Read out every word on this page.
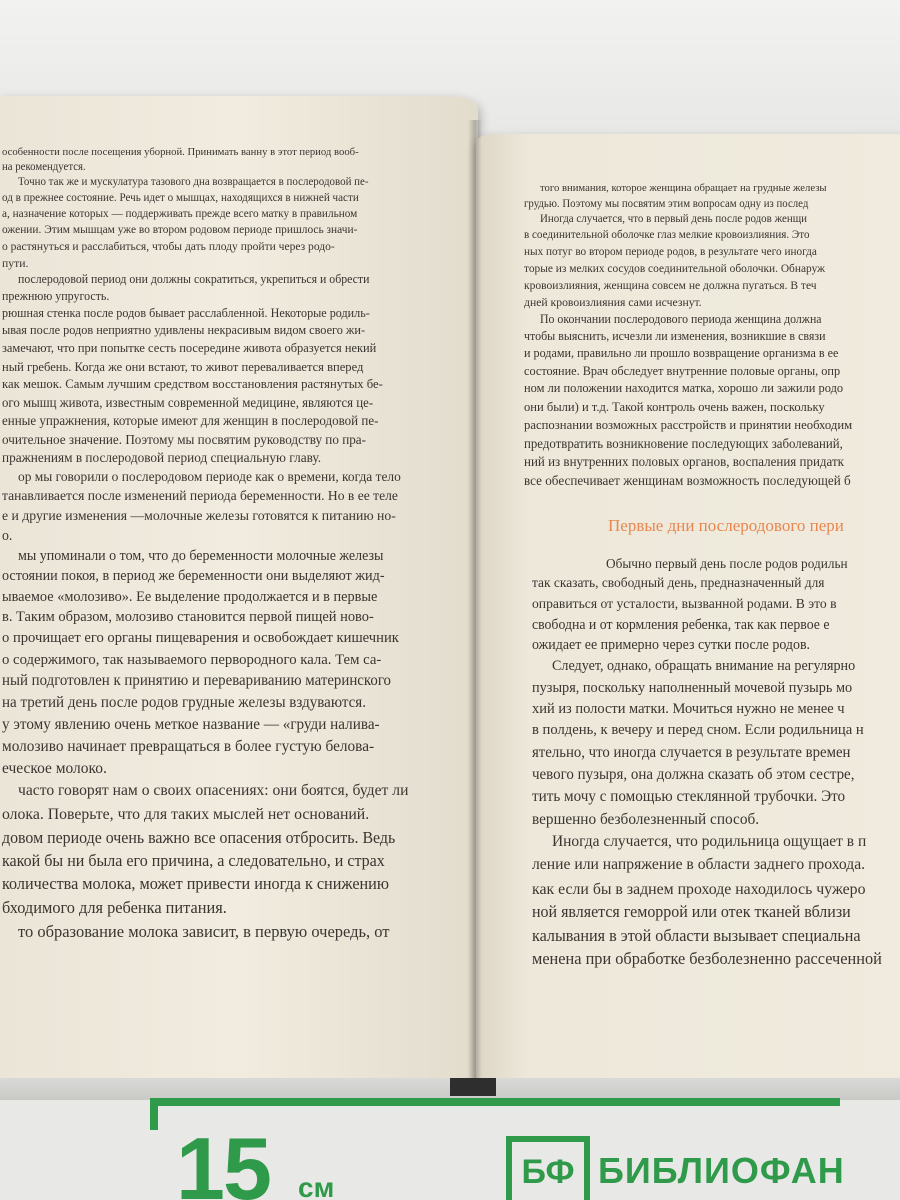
особенности после посещения уборной. Принимать ванну в этот период вооб-
на рекомендуется.
Точно так же и мускулатура тазового дна возвращается в послеродовой пе-
од в прежнее состояние. Речь идет о мышцах, находящихся в нижней части
а, назначение которых — поддерживать прежде всего матку в правильном
ожении. Этим мышцам уже во втором родовом периоде пришлось значи-
о растянуться и расслабиться, чтобы дать плоду пройти через родо-
пути.
послеродовой период они должны сократиться, укрепиться и обрести
прежнюю упругость.
рюшная стенка после родов бывает расслабленной. Некоторые родиль-
ывая после родов неприятно удивлены некрасивым видом своего жи-
замечают, что при попытке сесть посередине живота образуется некий
ный гребень. Когда же они встают, то живот переваливается вперед
как мешок. Самым лучшим средством восстановления растянутых бе-
ого мышц живота, известным современной медицине, являются це-
енные упражнения, которые имеют для женщин в послеродовой пе-
очительное значение. Поэтому мы посвятим руководству по пра-
пражнениям в послеродовой период специальную главу.
ор мы говорили о послеродовом периоде как о времени, когда тело
танавливается после изменений периода беременности. Но в ее теле
е и другие изменения —молочные железы готовятся к питанию но-
о.
мы упоминали о том, что до беременности молочные железы
остоянии покоя, в период же беременности они выделяют жид-
ываемое «молозиво». Ее выделение продолжается и в первые
в. Таким образом, молозиво становится первой пищей ново-
о прочищает его органы пищеварения и освобождает кишечник
о содержимого, так называемого первородного кала. Тем са-
ный подготовлен к принятию и перевариванию материнского
на третий день после родов грудные железы вздуваются.
у этому явлению очень меткое название — «груди налива-
молозиво начинает превращаться в более густую белова-
еческое молоко.
часто говорят нам о своих опасениях: они боятся, будет ли
олока. Поверьте, что для таких мыслей нет оснований.
довом периоде очень важно все опасения отбросить. Ведь
какой бы ни была его причина, а следовательно, и страх
количества молока, может привести иногда к снижению
бходимого для ребенка питания.
то образование молока зависит, в первую очередь, от
того внимания, которое женщина обращает на грудные железы
грудью. Поэтому мы посвятим этим вопросам одну из послед
Иногда случается, что в первый день после родов женщи
в соединительной оболочке глаз мелкие кровоизлияния. Это
ных потуг во втором периоде родов, в результате чего иногда
торые из мелких сосудов соединительной оболочки. Обнаруж
кровоизлияния, женщина совсем не должна пугаться. В теч
дней кровоизлияния сами исчезнут.
По окончании послеродового периода женщина должна
чтобы выяснить, исчезли ли изменения, возникшие в связи
и родами, правильно ли прошло возвращение организма в ее
состояние. Врач обследует внутренние половые органы, опр
ном ли положении находится матка, хорошо ли зажили родо
они были) и т.д. Такой контроль очень важен, поскольку
распознании возможных расстройств и принятии необходим
предотвратить возникновение последующих заболеваний,
ний из внутренних половых органов, воспаления придатк
все обеспечивает женщинам возможность последующей б
Первые дни послеродового пери
Обычно первый день после родов родильн
так сказать, свободный день, предназначенный для
оправиться от усталости, вызванной родами. В это в
свободна и от кормления ребенка, так как первое е
ожидает ее примерно через сутки после родов.
Следует, однако, обращать внимание на регулярно
пузыря, поскольку наполненный мочевой пузырь мо
хий из полости матки. Мочиться нужно не менее ч
в полдень, к вечеру и перед сном. Если родильница н
ятельно, что иногда случается в результате времен
чевого пузыря, она должна сказать об этом сестре,
тить мочу с помощью стеклянной трубочки. Это
вершенно безболезненный способ.
Иногда случается, что родильница ощущает в п
ление или напряжение в области заднего прохода.
как если бы в заднем проходе находилось чужеро
ной является геморрой или отек тканей вблизи
калывания в этой области вызывает специальна
менена при обработке безболезненно рассеченной
15 см	БФ БИБЛИОФАН
